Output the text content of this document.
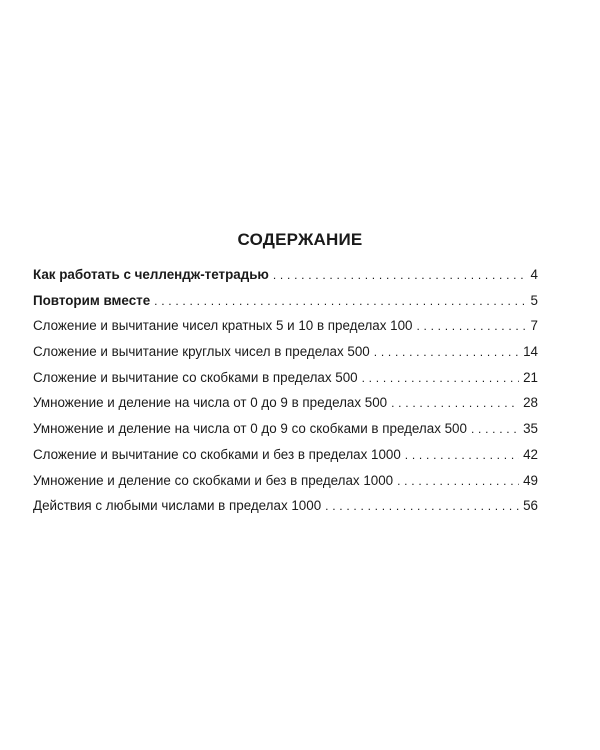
СОДЕРЖАНИЕ
Как работать с челлендж-тетрадью . . .	4
Повторим вместе . . .	5
Сложение и вычитание чисел кратных 5 и 10 в пределах 100 . . .	7
Сложение и вычитание круглых чисел в пределах 500 . . .	14
Сложение и вычитание со скобками в пределах 500 . . .	21
Умножение и деление на числа от 0 до 9 в пределах 500 . . .	28
Умножение и деление на числа от 0 до 9 со скобками в пределах 500 . . .	35
Сложение и вычитание со скобками и без в пределах 1000 . . .	42
Умножение и деление со скобками и без в пределах 1000 . . .	49
Действия с любыми числами в пределах 1000 . . .	56
